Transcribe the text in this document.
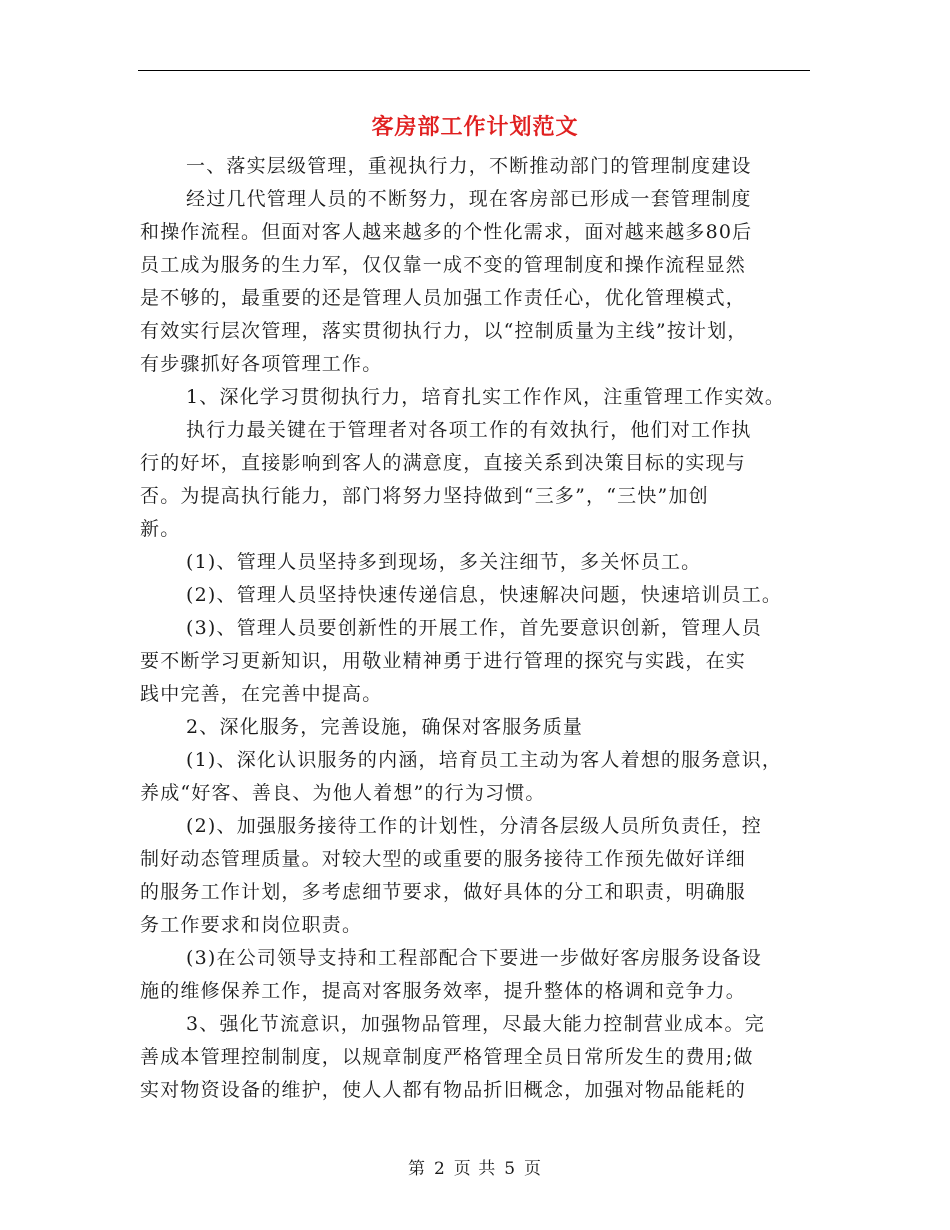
客房部工作计划范文
一、落实层级管理，重视执行力，不断推动部门的管理制度建设
经过几代管理人员的不断努力，现在客房部已形成一套管理制度
和操作流程。但面对客人越来越多的个性化需求，面对越来越多80后
员工成为服务的生力军，仅仅靠一成不变的管理制度和操作流程显然
是不够的，最重要的还是管理人员加强工作责任心，优化管理模式，
有效实行层次管理，落实贯彻执行力，以“控制质量为主线”按计划，
有步骤抓好各项管理工作。
1、深化学习贯彻执行力，培育扎实工作作风，注重管理工作实效。
执行力最关键在于管理者对各项工作的有效执行，他们对工作执
行的好坏，直接影响到客人的满意度，直接关系到决策目标的实现与
否。为提高执行能力，部门将努力坚持做到“三多”，“三快”加创
新。
(1)、管理人员坚持多到现场，多关注细节，多关怀员工。
(2)、管理人员坚持快速传递信息，快速解决问题，快速培训员工。
(3)、管理人员要创新性的开展工作，首先要意识创新，管理人员
要不断学习更新知识，用敬业精神勇于进行管理的探究与实践，在实
践中完善，在完善中提高。
2、深化服务，完善设施，确保对客服务质量
(1)、深化认识服务的内涵，培育员工主动为客人着想的服务意识，
养成“好客、善良、为他人着想”的行为习惯。
(2)、加强服务接待工作的计划性，分清各层级人员所负责任，控
制好动态管理质量。对较大型的或重要的服务接待工作预先做好详细
的服务工作计划，多考虑细节要求，做好具体的分工和职责，明确服
务工作要求和岗位职责。
(3)在公司领导支持和工程部配合下要进一步做好客房服务设备设
施的维修保养工作，提高对客服务效率，提升整体的格调和竞争力。
3、强化节流意识，加强物品管理，尽最大能力控制营业成本。完
善成本管理控制制度，以规章制度严格管理全员日常所发生的费用;做
实对物资设备的维护，使人人都有物品折旧概念，加强对物品能耗的
第 2 页 共 5 页
